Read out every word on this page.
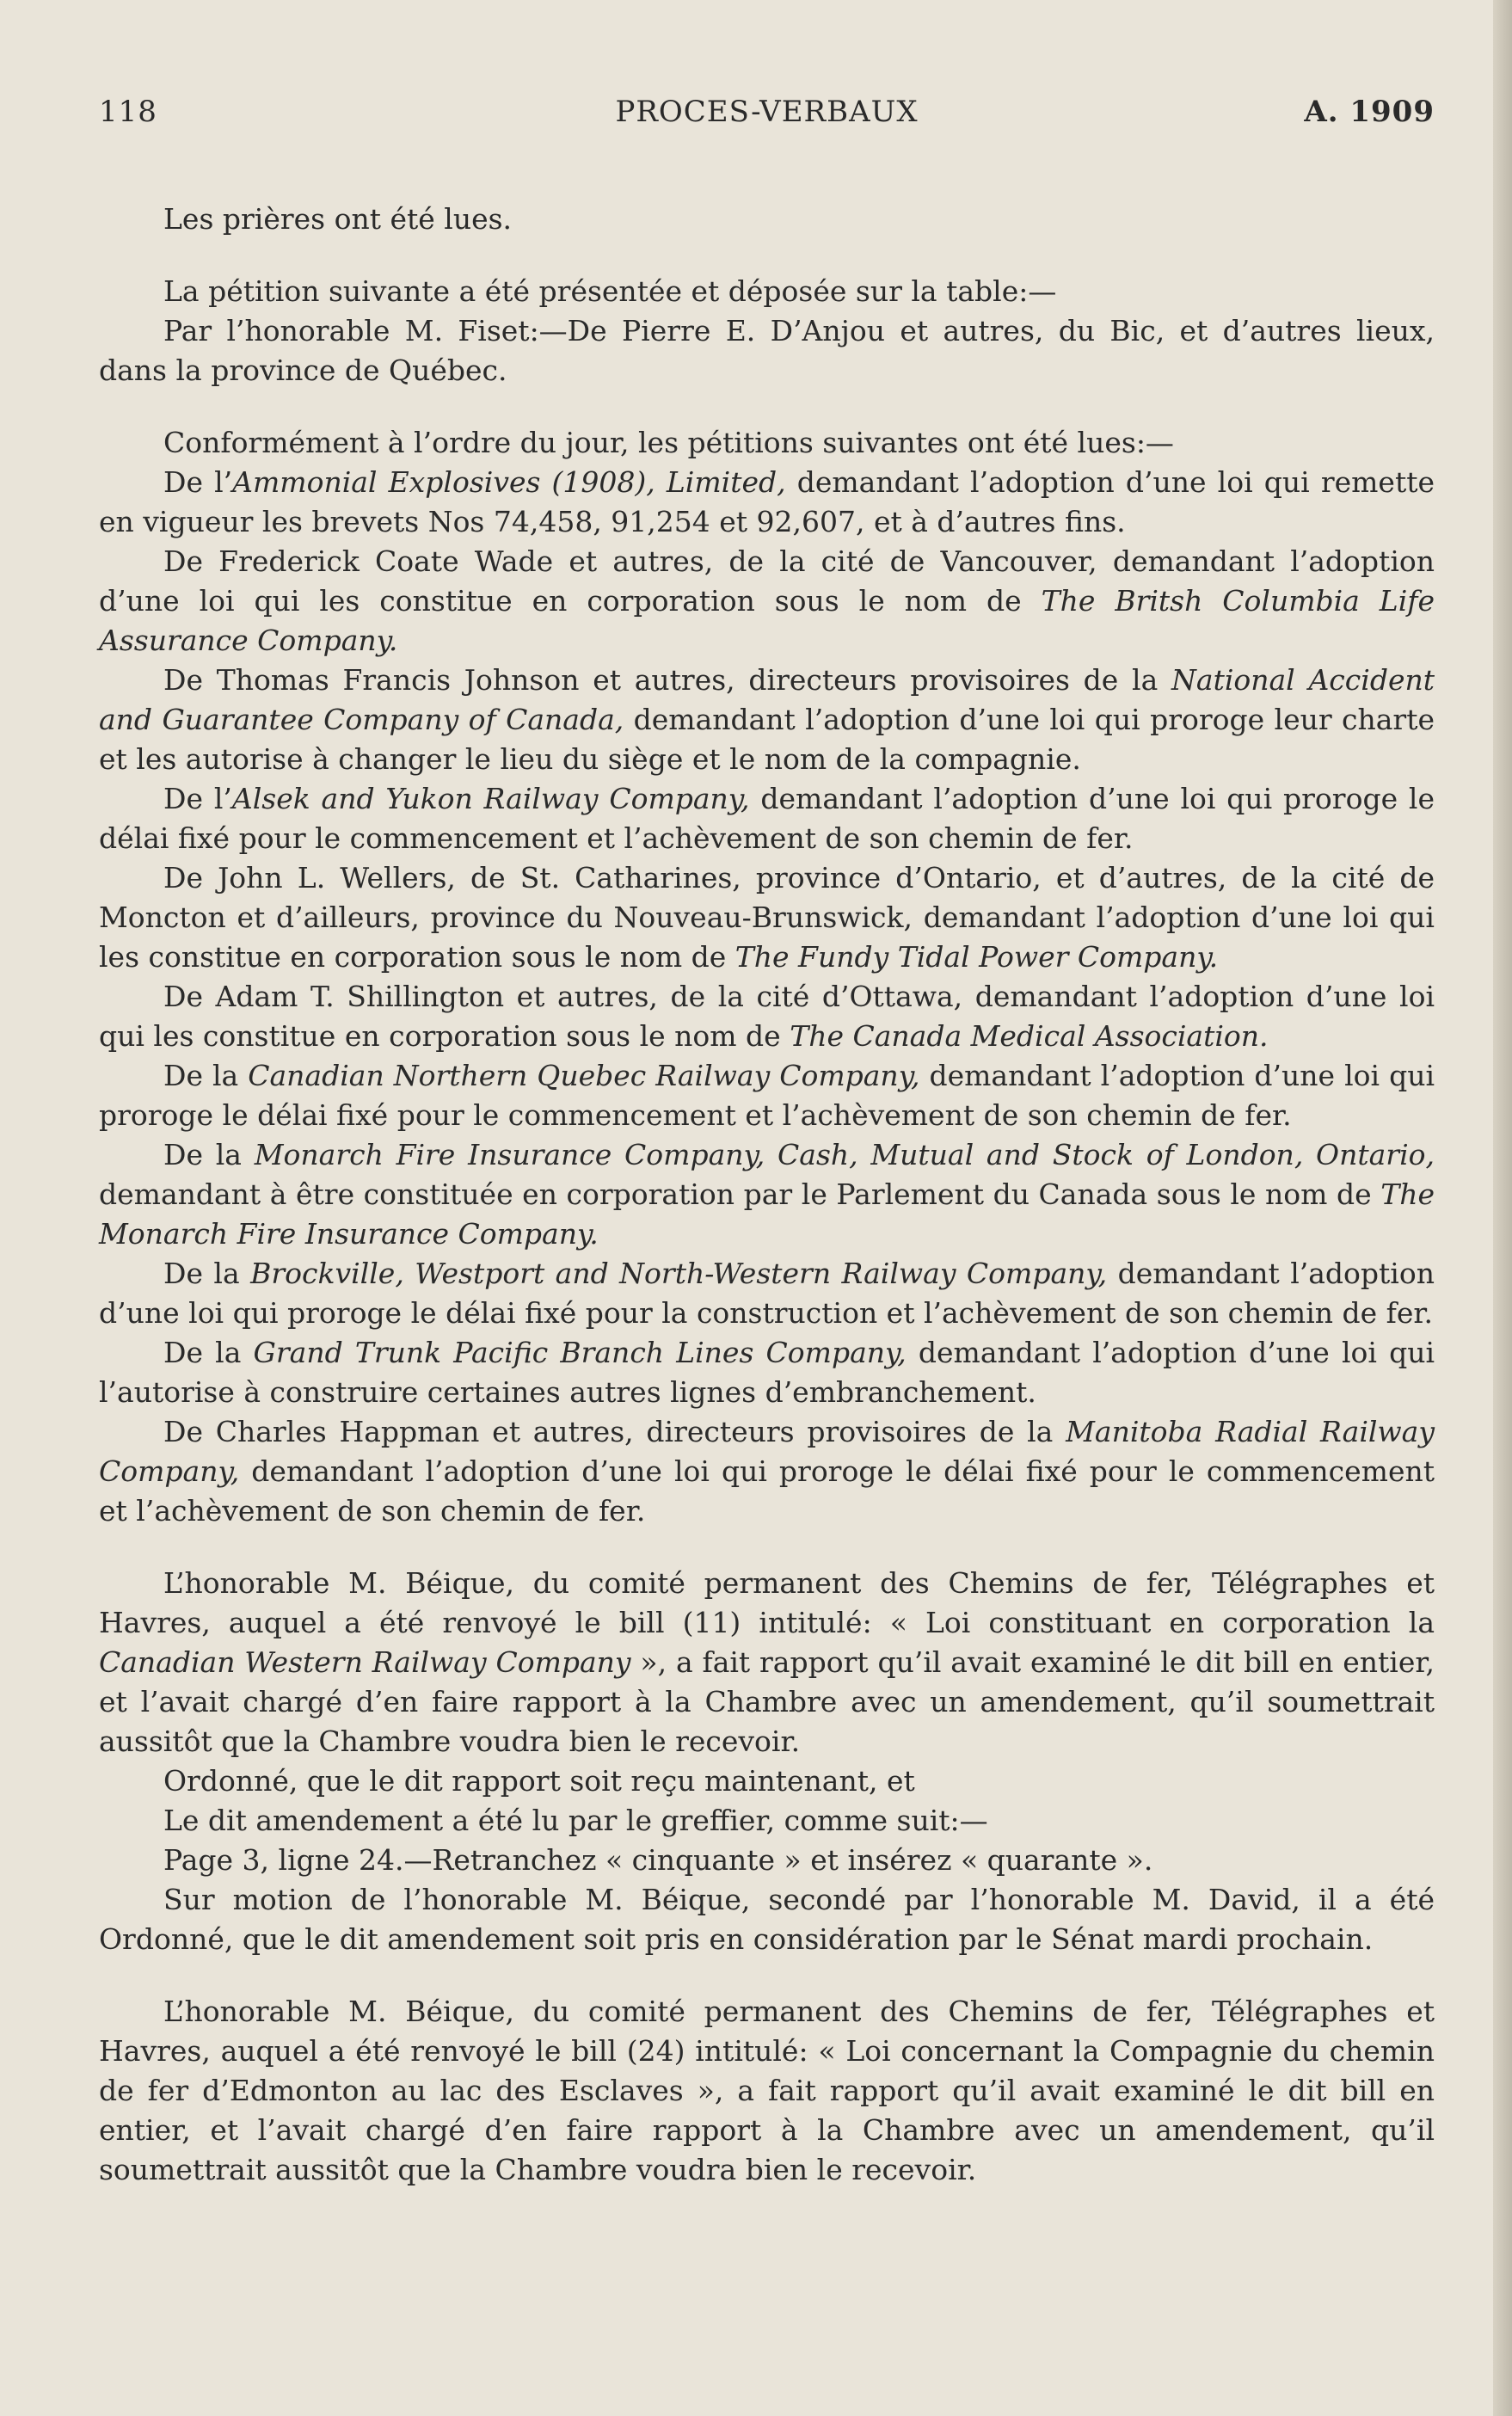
PROCES-VERBAUX
118	A. 1909

Les prières ont été lues.

La pétition suivante a été présentée et déposée sur la table:—

Par l’honorable M. Fiset:—De Pierre E. D’Anjou et autres, du Bic, et d’autres lieux, dans la province de Québec.

Conformément à l’ordre du jour, les pétitions suivantes ont été lues:—

De l’Ammonial Explosives (1908), Limited, demandant l’adoption d’une loi qui remette en vigueur les brevets Nos 74,458, 91,254 et 92,607, et à d’autres fins.

De Frederick Coate Wade et autres, de la cité de Vancouver, demandant l’adoption d’une loi qui les constitue en corporation sous le nom de The Britsh Columbia Life Assurance Company.

De Thomas Francis Johnson et autres, directeurs provisoires de la National Accident and Guarantee Company of Canada, demandant l’adoption d’une loi qui proroge leur charte et les autorise à changer le lieu du siège et le nom de la compagnie.

De l’Alsek and Yukon Railway Company, demandant l’adoption d’une loi qui proroge le délai fixé pour le commencement et l’achèvement de son chemin de fer.

De John L. Wellers, de St. Catharines, province d’Ontario, et d’autres, de la cité de Moncton et d’ailleurs, province du Nouveau-Brunswick, demandant l’adoption d’une loi qui les constitue en corporation sous le nom de The Fundy Tidal Power Company.

De Adam T. Shillington et autres, de la cité d’Ottawa, demandant l’adoption d’une loi qui les constitue en corporation sous le nom de The Canada Medical Association.

De la Canadian Northern Quebec Railway Company, demandant l’adoption d’une loi qui proroge le délai fixé pour le commencement et l’achèvement de son chemin de fer.

De la Monarch Fire Insurance Company, Cash, Mutual and Stock of London, Ontario, demandant à être constituée en corporation par le Parlement du Canada sous le nom de The Monarch Fire Insurance Company.

De la Brockville, Westport and North-Western Railway Company, demandant l’adoption d’une loi qui proroge le délai fixé pour la construction et l’achèvement de son chemin de fer.

De la Grand Trunk Pacific Branch Lines Company, demandant l’adoption d’une loi qui l’autorise à construire certaines autres lignes d’embranchement.

De Charles Happman et autres, directeurs provisoires de la Manitoba Radial Railway Company, demandant l’adoption d’une loi qui proroge le délai fixé pour le commencement et l’achèvement de son chemin de fer.

L’honorable M. Béique, du comité permanent des Chemins de fer, Télégraphes et Havres, auquel a été renvoyé le bill (11) intitulé: « Loi constituant en corporation la Canadian Western Railway Company », a fait rapport qu’il avait examiné le dit bill en entier, et l’avait chargé d’en faire rapport à la Chambre avec un amendement, qu’il soumettrait aussitôt que la Chambre voudra bien le recevoir.

Ordonné, que le dit rapport soit reçu maintenant, et

Le dit amendement a été lu par le greffier, comme suit:—

Page 3, ligne 24.—Retranchez « cinquante » et insérez « quarante ».

Sur motion de l’honorable M. Béique, secondé par l’honorable M. David, il a été Ordonné, que le dit amendement soit pris en considération par le Sénat mardi prochain.

L’honorable M. Béique, du comité permanent des Chemins de fer, Télégraphes et Havres, auquel a été renvoyé le bill (24) intitulé: « Loi concernant la Compagnie du chemin de fer d’Edmonton au lac des Esclaves », a fait rapport qu’il avait examiné le dit bill en entier, et l’avait chargé d’en faire rapport à la Chambre avec un amendement, qu’il soumettrait aussitôt que la Chambre voudra bien le recevoir.
